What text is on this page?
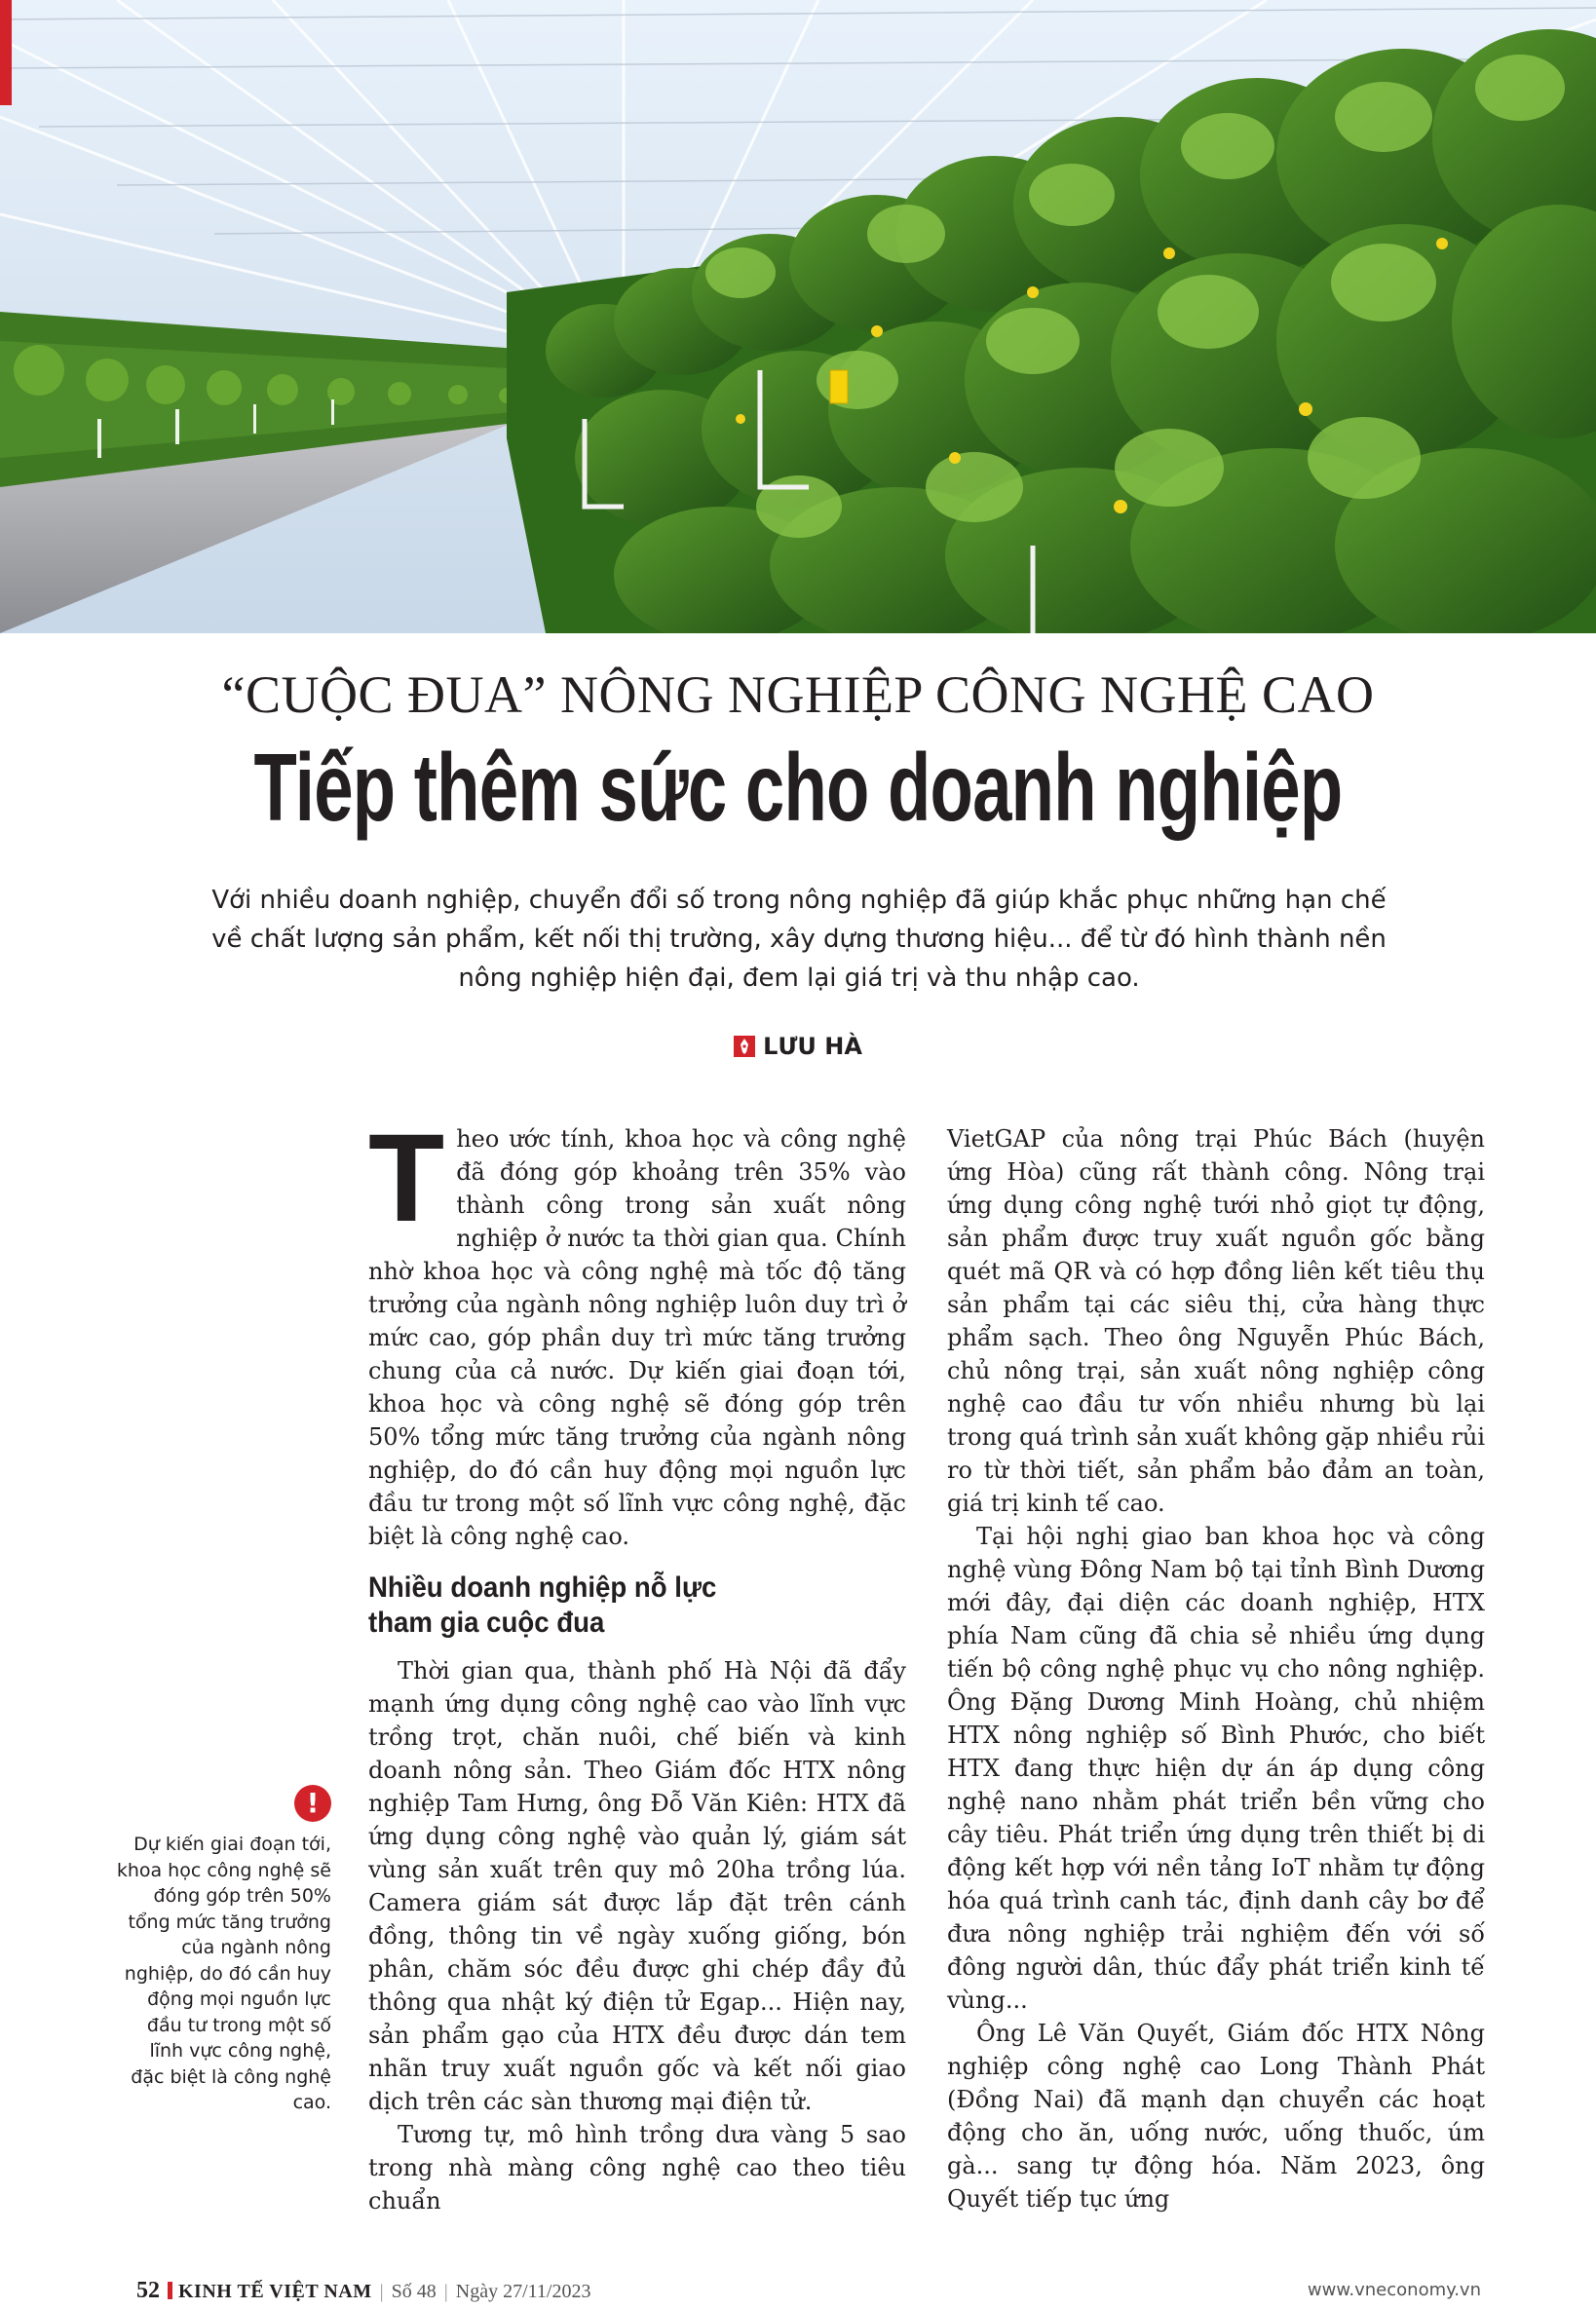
“CUỘC ĐUA” NÔNG NGHIỆP CÔNG NGHỆ CAO
Tiếp thêm sức cho doanh nghiệp
Với nhiều doanh nghiệp, chuyển đổi số trong nông nghiệp đã giúp khắc phục những hạn chế về chất lượng sản phẩm, kết nối thị trường, xây dựng thương hiệu... để từ đó hình thành nền nông nghiệp hiện đại, đem lại giá trị và thu nhập cao.
LƯU HÀ
!
Dự kiến giai đoạn tới, khoa học công nghệ sẽ đóng góp trên 50% tổng mức tăng trưởng của ngành nông nghiệp, do đó cần huy động mọi nguồn lực đầu tư trong một số lĩnh vực công nghệ, đặc biệt là công nghệ cao.

Theo ước tính, khoa học và công nghệ đã đóng góp khoảng trên 35% vào thành công trong sản xuất nông nghiệp ở nước ta thời gian qua. Chính nhờ khoa học và công nghệ mà tốc độ tăng trưởng của ngành nông nghiệp luôn duy trì ở mức cao, góp phần duy trì mức tăng trưởng chung của cả nước. Dự kiến giai đoạn tới, khoa học và công nghệ sẽ đóng góp trên 50% tổng mức tăng trưởng của ngành nông nghiệp, do đó cần huy động mọi nguồn lực đầu tư trong một số lĩnh vực công nghệ, đặc biệt là công nghệ cao.

Nhiều doanh nghiệp nỗ lực
tham gia cuộc đua

Thời gian qua, thành phố Hà Nội đã đẩy mạnh ứng dụng công nghệ cao vào lĩnh vực trồng trọt, chăn nuôi, chế biến và kinh doanh nông sản. Theo Giám đốc HTX nông nghiệp Tam Hưng, ông Đỗ Văn Kiên: HTX đã ứng dụng công nghệ vào quản lý, giám sát vùng sản xuất trên quy mô 20ha trồng lúa. Camera giám sát được lắp đặt trên cánh đồng, thông tin về ngày xuống giống, bón phân, chăm sóc đều được ghi chép đầy đủ thông qua nhật ký điện tử Egap... Hiện nay, sản phẩm gạo của HTX đều được dán tem nhãn truy xuất nguồn gốc và kết nối giao dịch trên các sàn thương mại điện tử.

Tương tự, mô hình trồng dưa vàng 5 sao trong nhà màng công nghệ cao theo tiêu chuẩn

VietGAP của nông trại Phúc Bách (huyện ứng Hòa) cũng rất thành công. Nông trại ứng dụng công nghệ tưới nhỏ giọt tự động, sản phẩm được truy xuất nguồn gốc bằng quét mã QR và có hợp đồng liên kết tiêu thụ sản phẩm tại các siêu thị, cửa hàng thực phẩm sạch. Theo ông Nguyễn Phúc Bách, chủ nông trại, sản xuất nông nghiệp công nghệ cao đầu tư vốn nhiều nhưng bù lại trong quá trình sản xuất không gặp nhiều rủi ro từ thời tiết, sản phẩm bảo đảm an toàn, giá trị kinh tế cao.

Tại hội nghị giao ban khoa học và công nghệ vùng Đông Nam bộ tại tỉnh Bình Dương mới đây, đại diện các doanh nghiệp, HTX phía Nam cũng đã chia sẻ nhiều ứng dụng tiến bộ công nghệ phục vụ cho nông nghiệp. Ông Đặng Dương Minh Hoàng, chủ nhiệm HTX nông nghiệp số Bình Phước, cho biết HTX đang thực hiện dự án áp dụng công nghệ nano nhằm phát triển bền vững cho cây tiêu. Phát triển ứng dụng trên thiết bị di động kết hợp với nền tảng IoT nhằm tự động hóa quá trình canh tác, định danh cây bơ để đưa nông nghiệp trải nghiệm đến với số đông người dân, thúc đẩy phát triển kinh tế vùng...

Ông Lê Văn Quyết, Giám đốc HTX Nông nghiệp công nghệ cao Long Thành Phát (Đồng Nai) đã mạnh dạn chuyển các hoạt động cho ăn, uống nước, uống thuốc, úm gà... sang tự động hóa. Năm 2023, ông Quyết tiếp tục ứng

52 KINH TẾ VIỆT NAM | Số 48 | Ngày 27/11/2023	www.vneconomy.vn
